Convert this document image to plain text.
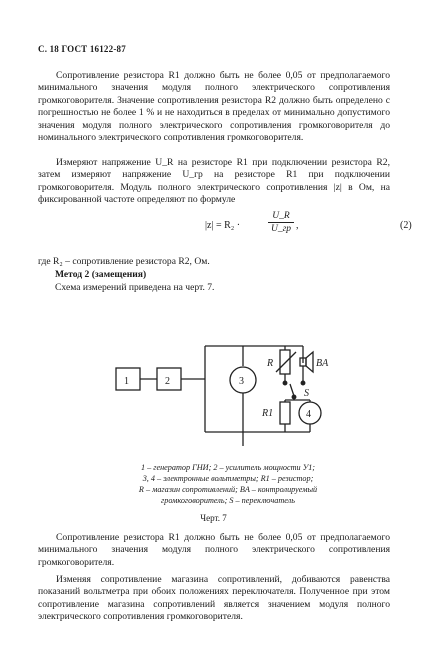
С. 18 ГОСТ 16122-87

Сопротивление резистора R1 должно быть не более 0,05 от предполагаемого минимального значения модуля полного электрического сопротивления громкоговорителя. Значение сопротивления резистора R2 должно быть определено с погрешностью не более 1 % и не находиться в пределах от минимально допустимого значения модуля полного электрического сопротивления громкоговорителя до номинального электрического сопротивления громкоговорителя.

Измеряют напряжение U_R на резисторе R1 при подключении резистора R2, затем измеряют напряжение U_гр на резисторе R1 при подключении громкоговорителя. Модуль полного электрического сопротивления |z| в Ом, на фиксированной частоте определяют по формуле

|z| = R₂ ·
U_R
U_гр ,	(2)

где R₂ – сопротивление резистора R2, Ом.

Метод 2 (замещения)

Схема измерений приведена на черт. 7.

1	2	3
4
R	BA
S
R1
1 – генератор ГНИ; 2 – усилитель мощности У1;
3, 4 – электронные вольтметры; R1 – резистор;
R – магазин сопротивлений; BA – контролируемый
громкоговоритель; S – переключатель
Черт. 7

Сопротивление резистора R1 должно быть не более 0,05 от предполагаемого минимального значения модуля полного электрического сопротивления громкоговорителя.

Изменяя сопротивление магазина сопротивлений, добиваются равенства показаний вольтметра при обоих положениях переключателя. Полученное при этом сопротивление магазина сопротивлений является значением модуля полного электрического сопротивления громкоговорителя.
